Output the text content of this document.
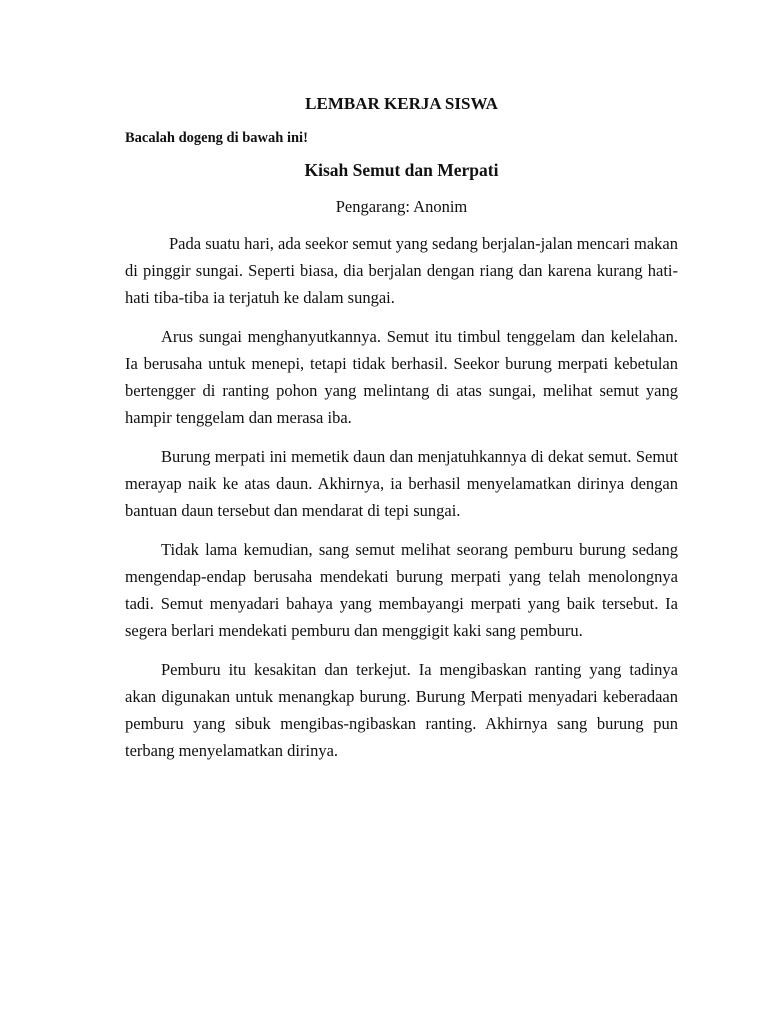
LEMBAR KERJA SISWA

Bacalah dogeng di bawah ini!

Kisah Semut dan Merpati

Pengarang: Anonim

Pada suatu hari, ada seekor semut yang sedang berjalan-jalan mencari makan di pinggir sungai. Seperti biasa, dia berjalan dengan riang dan karena kurang hati-hati tiba-tiba ia terjatuh ke dalam sungai.

Arus sungai menghanyutkannya. Semut itu timbul tenggelam dan kelelahan. Ia berusaha untuk menepi, tetapi tidak berhasil. Seekor burung merpati kebetulan bertengger di ranting pohon yang melintang di atas sungai, melihat semut yang hampir tenggelam dan merasa iba.

Burung merpati ini memetik daun dan menjatuhkannya di dekat semut. Semut merayap naik ke atas daun. Akhirnya, ia berhasil menyelamatkan dirinya dengan bantuan daun tersebut dan mendarat di tepi sungai.

Tidak lama kemudian, sang semut melihat seorang pemburu burung sedang mengendap-endap berusaha mendekati burung merpati yang telah menolongnya tadi. Semut menyadari bahaya yang membayangi merpati yang baik tersebut. Ia segera berlari mendekati pemburu dan menggigit kaki sang pemburu.

Pemburu itu kesakitan dan terkejut. Ia mengibaskan ranting yang tadinya akan digunakan untuk menangkap burung. Burung Merpati menyadari keberadaan pemburu yang sibuk mengibas-ngibaskan ranting. Akhirnya sang burung pun terbang menyelamatkan dirinya.
